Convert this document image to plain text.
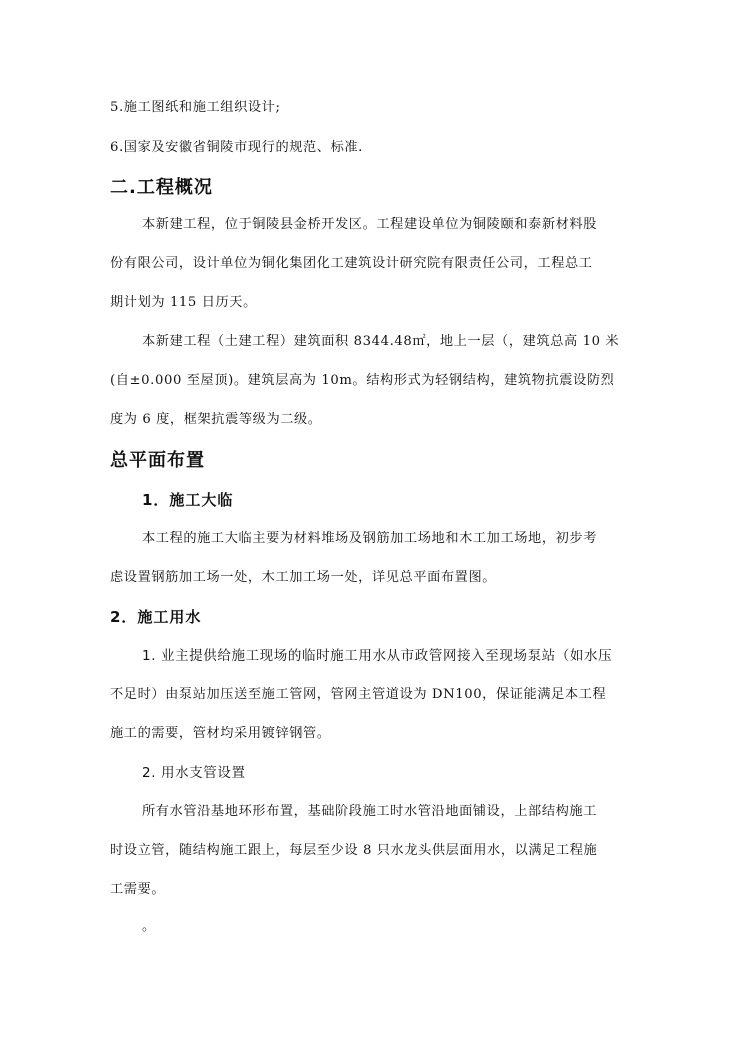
5.施工图纸和施工组织设计;
6.国家及安徽省铜陵市现行的规范、标准.
二.工程概况
本新建工程，位于铜陵县金桥开发区。工程建设单位为铜陵颐和泰新材料股
份有限公司，设计单位为铜化集团化工建筑设计研究院有限责任公司，工程总工
期计划为 115 日历天。
本新建工程（土建工程）建筑面积 8344.48㎡，地上一层（，建筑总高 10 米
(自±0.000 至屋顶)。建筑层高为 10m。结构形式为轻钢结构，建筑物抗震设防烈
度为 6 度，框架抗震等级为二级。
总平面布置
1．施工大临
本工程的施工大临主要为材料堆场及钢筋加工场地和木工加工场地，初步考
虑设置钢筋加工场一处，木工加工场一处，详见总平面布置图。
2．施工用水
1. 业主提供给施工现场的临时施工用水从市政管网接入至现场泵站（如水压
不足时）由泵站加压送至施工管网，管网主管道设为 DN100，保证能满足本工程
施工的需要，管材均采用镀锌钢管。
2. 用水支管设置
所有水管沿基地环形布置，基础阶段施工时水管沿地面铺设，上部结构施工
时设立管，随结构施工跟上，每层至少设 8 只水龙头供层面用水，以满足工程施
工需要。
。
